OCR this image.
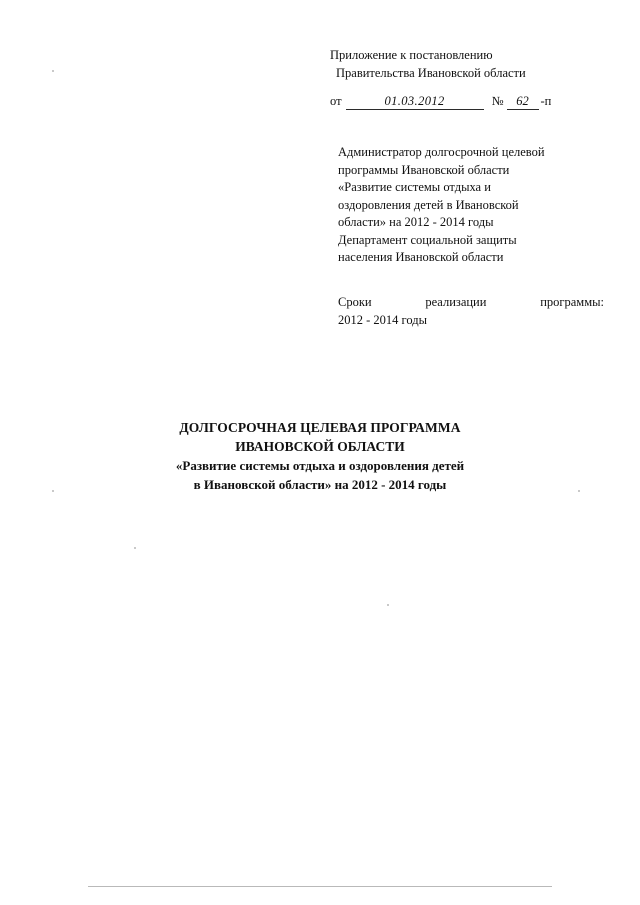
Приложение к постановлению
Правительства Ивановской области
от	01.03.2012	№	62 -п

Администратор долгосрочной целевой

программы Ивановской области

«Развитие системы отдыха и

оздоровления детей в Ивановской

области» на 2012 - 2014 годы

Департамент социальной защиты

населения Ивановской области

Сроки реализации программы:

2012 - 2014 годы

ДОЛГОСРОЧНАЯ ЦЕЛЕВАЯ ПРОГРАММА
ИВАНОВСКОЙ ОБЛАСТИ
«Развитие системы отдыха и оздоровления детей
в Ивановской области» на 2012 - 2014 годы
